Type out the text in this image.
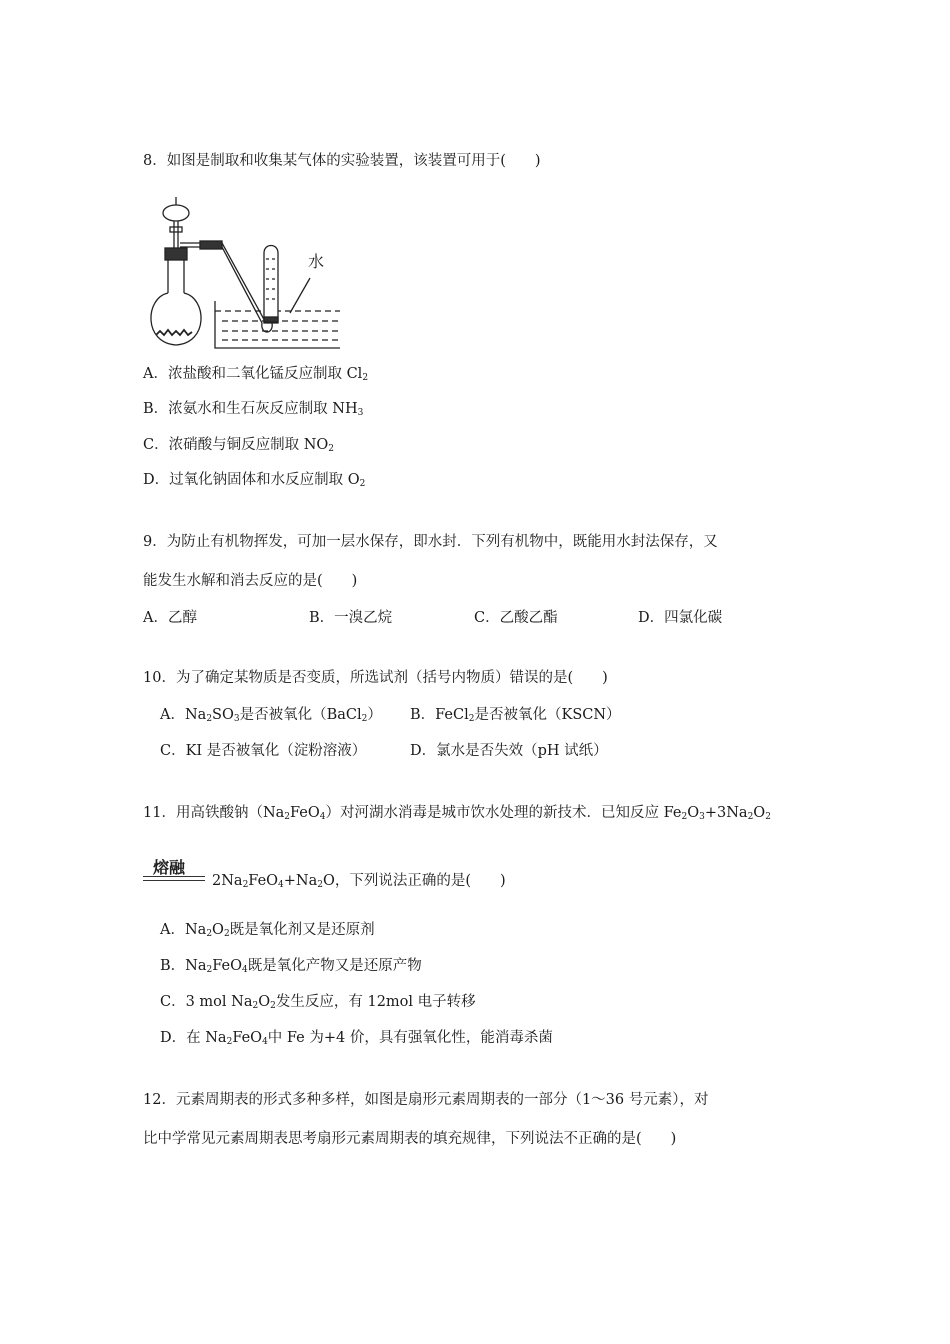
8．如图是制取和收集某气体的实验装置，该装置可用于(　　)
水
A．浓盐酸和二氧化锰反应制取 $Cl_2$
B．浓氨水和生石灰反应制取 $NH_3$
C．浓硝酸与铜反应制取 $NO_2$
D．过氧化钠固体和水反应制取 $O_2$
9．为防止有机物挥发，可加一层水保存，即水封．下列有机物中，既能用水封法保存，又
能发生水解和消去反应的是(　　)
A．乙醇	B．一溴乙烷	C．乙酸乙酯	D．四氯化碳
10．为了确定某物质是否变质，所选试剂（括号内物质）错误的是(　　)
A．$Na_2SO_3$是否被氧化（BaCl$_2$） B．FeCl$_2$是否被氧化（KSCN）
C．KI 是否被氧化（淀粉溶液）	D．氯水是否失效（pH 试纸）
11．用高铁酸钠$(Na_2FeO_4)$对河湖水消毒是城市饮水处理的新技术．已知反应 $Fe_2O_3+3Na_2O_2$
熔融
$2Na_2FeO_4+Na_2O$，下列说法正确的是(　　)
A．$Na_2O_2$既是氧化剂又是还原剂
B．$Na_2FeO_4$既是氧化产物又是还原产物
C．3 mol $Na_2O_2$发生反应，有 12mol 电子转移
D．在 $Na_2FeO_4$中 Fe 为+4 价，具有强氧化性，能消毒杀菌
12．元素周期表的形式多种多样，如图是扇形元素周期表的一部分（1～36 号元素），对
比中学常见元素周期表思考扇形元素周期表的填充规律，下列说法不正确的是(　　)
